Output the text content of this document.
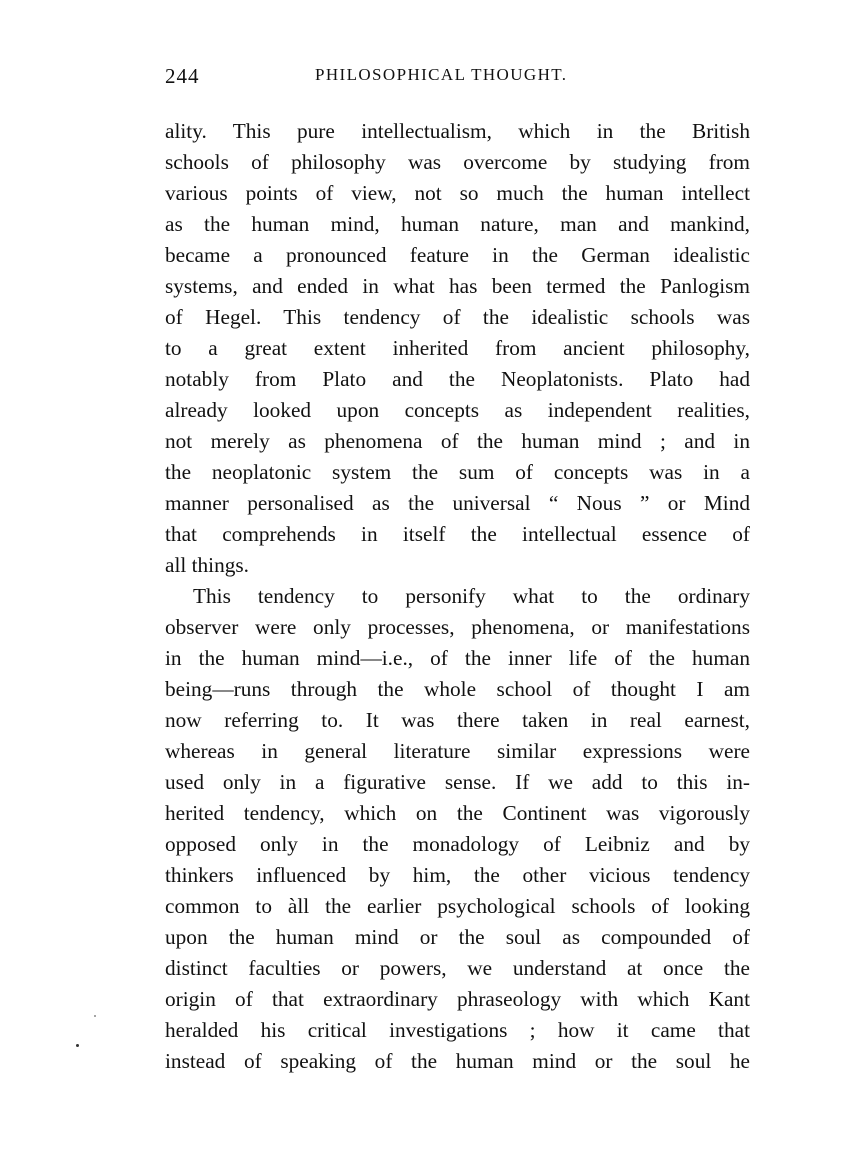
244	PHILOSOPHICAL THOUGHT.
ality. This pure intellectualism, which in the British
schools of philosophy was overcome by studying from
various points of view, not so much the human intellect
as the human mind, human nature, man and mankind,
became a pronounced feature in the German idealistic
systems, and ended in what has been termed the Panlogism
of Hegel. This tendency of the idealistic schools was
to a great extent inherited from ancient philosophy,
notably from Plato and the Neoplatonists. Plato had
already looked upon concepts as independent realities,
not merely as phenomena of the human mind ; and in
the neoplatonic system the sum of concepts was in a
manner personalised as the universal “ Nous ” or Mind
that comprehends in itself the intellectual essence of
all things.
This tendency to personify what to the ordinary
observer were only processes, phenomena, or manifestations
in the human mind—i.e., of the inner life of the human
being—runs through the whole school of thought I am
now referring to. It was there taken in real earnest,
whereas in general literature similar expressions were
used only in a figurative sense. If we add to this in-
herited tendency, which on the Continent was vigorously
opposed only in the monadology of Leibniz and by
thinkers influenced by him, the other vicious tendency
common to àll the earlier psychological schools of looking
upon the human mind or the soul as compounded of
distinct faculties or powers, we understand at once the
origin of that extraordinary phraseology with which Kant
heralded his critical investigations ; how it came that
instead of speaking of the human mind or the soul he
